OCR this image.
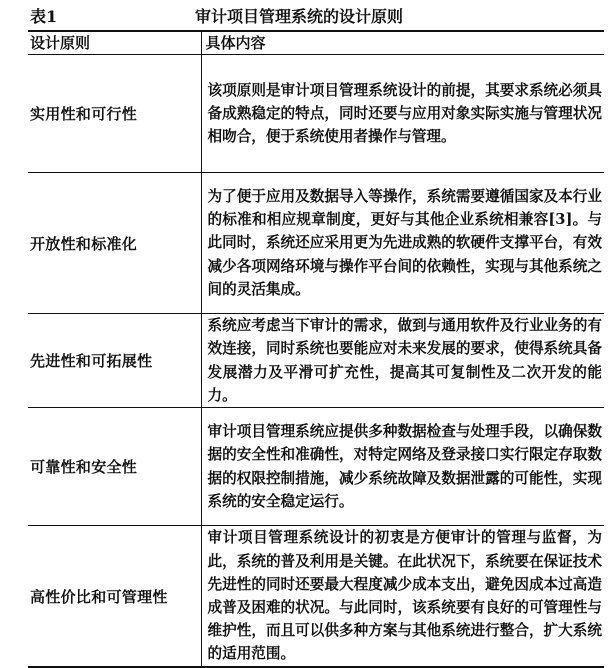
表1	审计项目管理系统的设计原则
设计原则	具体内容
实用性和可行性	该项原则是审计项目管理系统设计的前提，其要求系统必须具备成熟稳定的特点，同时还要与应用对象实际实施与管理状况相吻合，便于系统使用者操作与管理。
开放性和标准化	为了便于应用及数据导入等操作，系统需要遵循国家及本行业的标准和相应规章制度，更好与其他企业系统相兼容[3]。与此同时，系统还应采用更为先进成熟的软硬件支撑平台，有效减少各项网络环境与操作平台间的依赖性，实现与其他系统之间的灵活集成。
先进性和可拓展性	系统应考虑当下审计的需求，做到与通用软件及行业业务的有效连接，同时系统也要能应对未来发展的要求，使得系统具备发展潜力及平滑可扩充性，提高其可复制性及二次开发的能力。
可靠性和安全性	审计项目管理系统应提供多种数据检查与处理手段，以确保数据的安全性和准确性，对特定网络及登录接口实行限定存取数据的权限控制措施，减少系统故障及数据泄露的可能性，实现系统的安全稳定运行。
高性价比和可管理性	审计项目管理系统设计的初衷是方便审计的管理与监督，为此，系统的普及利用是关键。在此状况下，系统要在保证技术先进性的同时还要最大程度减少成本支出，避免因成本过高造成普及困难的状况。与此同时，该系统要有良好的可管理性与维护性，而且可以供多种方案与其他系统进行整合，扩大系统的适用范围。
